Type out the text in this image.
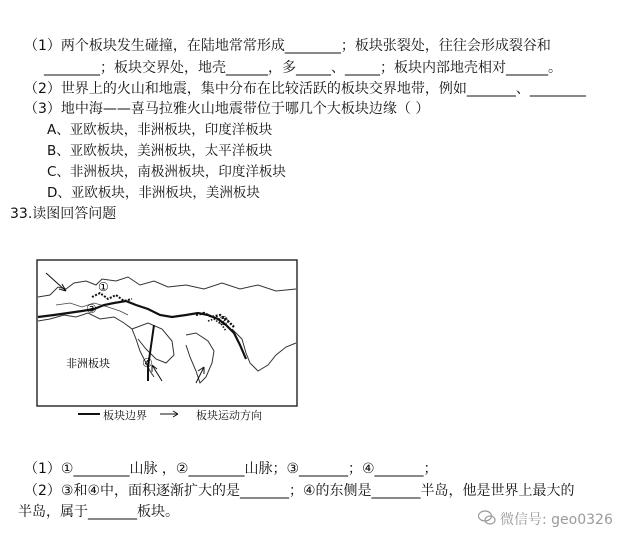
（1）两个板块发生碰撞，在陆地常常形成________；板块张裂处，往往会形成裂谷和
________；板块交界处，地壳______，多_____、_____；板块内部地壳相对______。
（2）世界上的火山和地震，集中分布在比较活跃的板块交界地带，例如_______、________
（3）地中海——喜马拉雅火山地震带位于哪几个大板块边缘（ ）
A、亚欧板块，非洲板块，印度洋板块
B、亚欧板块，美洲板块，太平洋板块
C、非洲板块，南极洲板块，印度洋板块
D、亚欧板块，非洲板块，美洲板块
33.读图回答问题
①
②
③
④
非洲板块
板块边界	板块运动方向
（1）①________山脉 ，②________山脉；③_______；④_______；
（2）③和④中，面积逐渐扩大的是_______；④的东侧是_______半岛，他是世界上最大的
半岛，属于_______板块。	微信号: geo0326
